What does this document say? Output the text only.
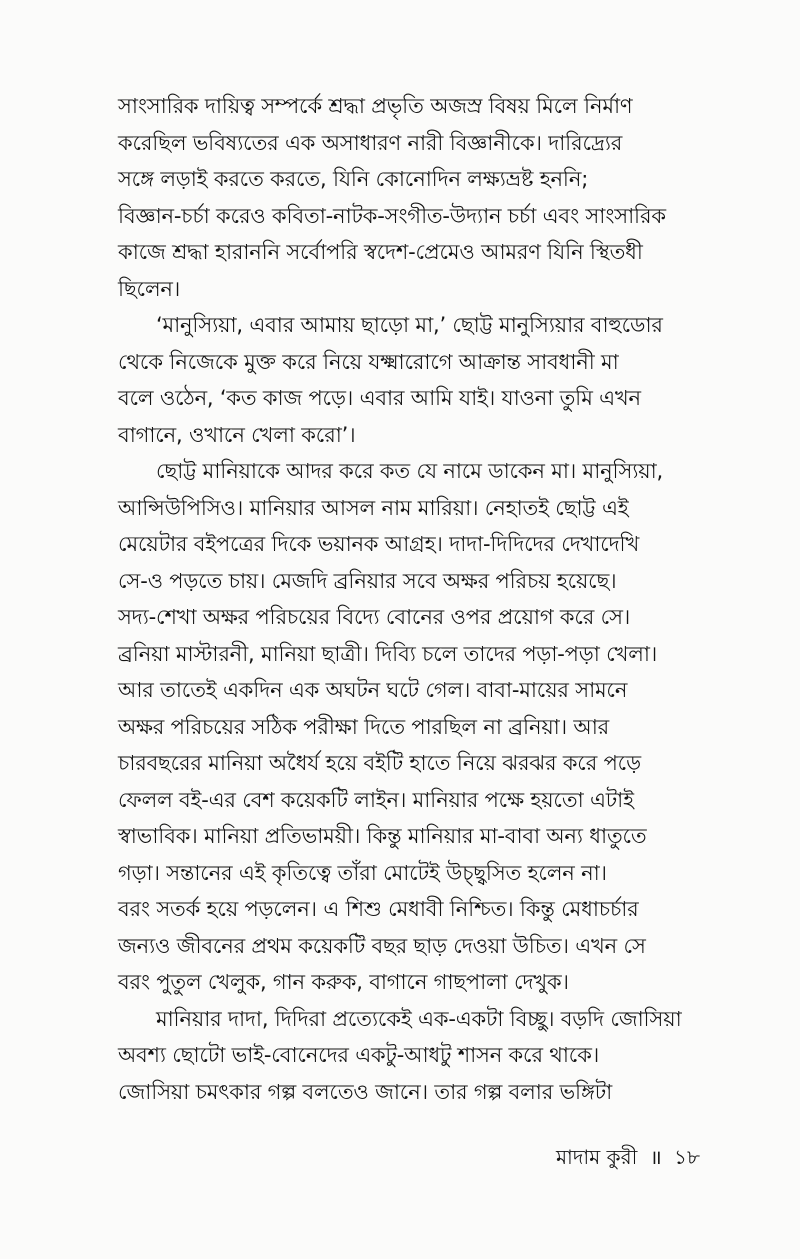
সাংসারিক দায়িত্ব সম্পর্কে শ্রদ্ধা প্রভৃতি অজস্র বিষয় মিলে নির্মাণ
করেছিল ভবিষ্যতের এক অসাধারণ নারী বিজ্ঞানীকে। দারিদ্র্যের
সঙ্গে লড়াই করতে করতে, যিনি কোনোদিন লক্ষ্যভ্রষ্ট হননি;
বিজ্ঞান-চর্চা করেও কবিতা-নাটক-সংগীত-উদ্যান চর্চা এবং সাংসারিক
কাজে শ্রদ্ধা হারাননি সর্বোপরি স্বদেশ-প্রেমেও আমরণ যিনি স্থিতধী
ছিলেন।
‘মানুস্যিয়া, এবার আমায় ছাড়ো মা,’ ছোট্ট মানুস্যিয়ার বাহুডোর
থেকে নিজেকে মুক্ত করে নিয়ে যক্ষ্মারোগে আক্রান্ত সাবধানী মা
বলে ওঠেন, ‘কত কাজ পড়ে। এবার আমি যাই। যাওনা তুমি এখন
বাগানে, ওখানে খেলা করো’।
ছোট্ট মানিয়াকে আদর করে কত যে নামে ডাকেন মা। মানুস্যিয়া,
আন্সিউপিসিও। মানিয়ার আসল নাম মারিয়া। নেহাতই ছোট্ট এই
মেয়েটার বইপত্রের দিকে ভয়ানক আগ্রহ। দাদা-দিদিদের দেখাদেখি
সে-ও পড়তে চায়। মেজদি ব্রনিয়ার সবে অক্ষর পরিচয় হয়েছে।
সদ্য-শেখা অক্ষর পরিচয়ের বিদ্যে বোনের ওপর প্রয়োগ করে সে।
ব্রনিয়া মাস্টারনী, মানিয়া ছাত্রী। দিব্যি চলে তাদের পড়া-পড়া খেলা।
আর তাতেই একদিন এক অঘটন ঘটে গেল। বাবা-মায়ের সামনে
অক্ষর পরিচয়ের সঠিক পরীক্ষা দিতে পারছিল না ব্রনিয়া। আর
চারবছরের মানিয়া অধৈর্য হয়ে বইটি হাতে নিয়ে ঝরঝর করে পড়ে
ফেলল বই-এর বেশ কয়েকটি লাইন। মানিয়ার পক্ষে হয়তো এটাই
স্বাভাবিক। মানিয়া প্রতিভাময়ী। কিন্তু মানিয়ার মা-বাবা অন্য ধাতুতে
গড়া। সন্তানের এই কৃতিত্বে তাঁরা মোটেই উচ্ছ্বসিত হলেন না।
বরং সতর্ক হয়ে পড়লেন। এ শিশু মেধাবী নিশ্চিত। কিন্তু মেধাচর্চার
জন্যও জীবনের প্রথম কয়েকটি বছর ছাড় দেওয়া উচিত। এখন সে
বরং পুতুল খেলুক, গান করুক, বাগানে গাছপালা দেখুক।
মানিয়ার দাদা, দিদিরা প্রত্যেকেই এক-একটা বিচ্ছু। বড়দি জোসিয়া
অবশ্য ছোটো ভাই-বোনেদের একটু-আধটু শাসন করে থাকে।
জোসিয়া চমৎকার গল্প বলতেও জানে। তার গল্প বলার ভঙ্গিটা
মাদাম কুরী ॥ ১৮
